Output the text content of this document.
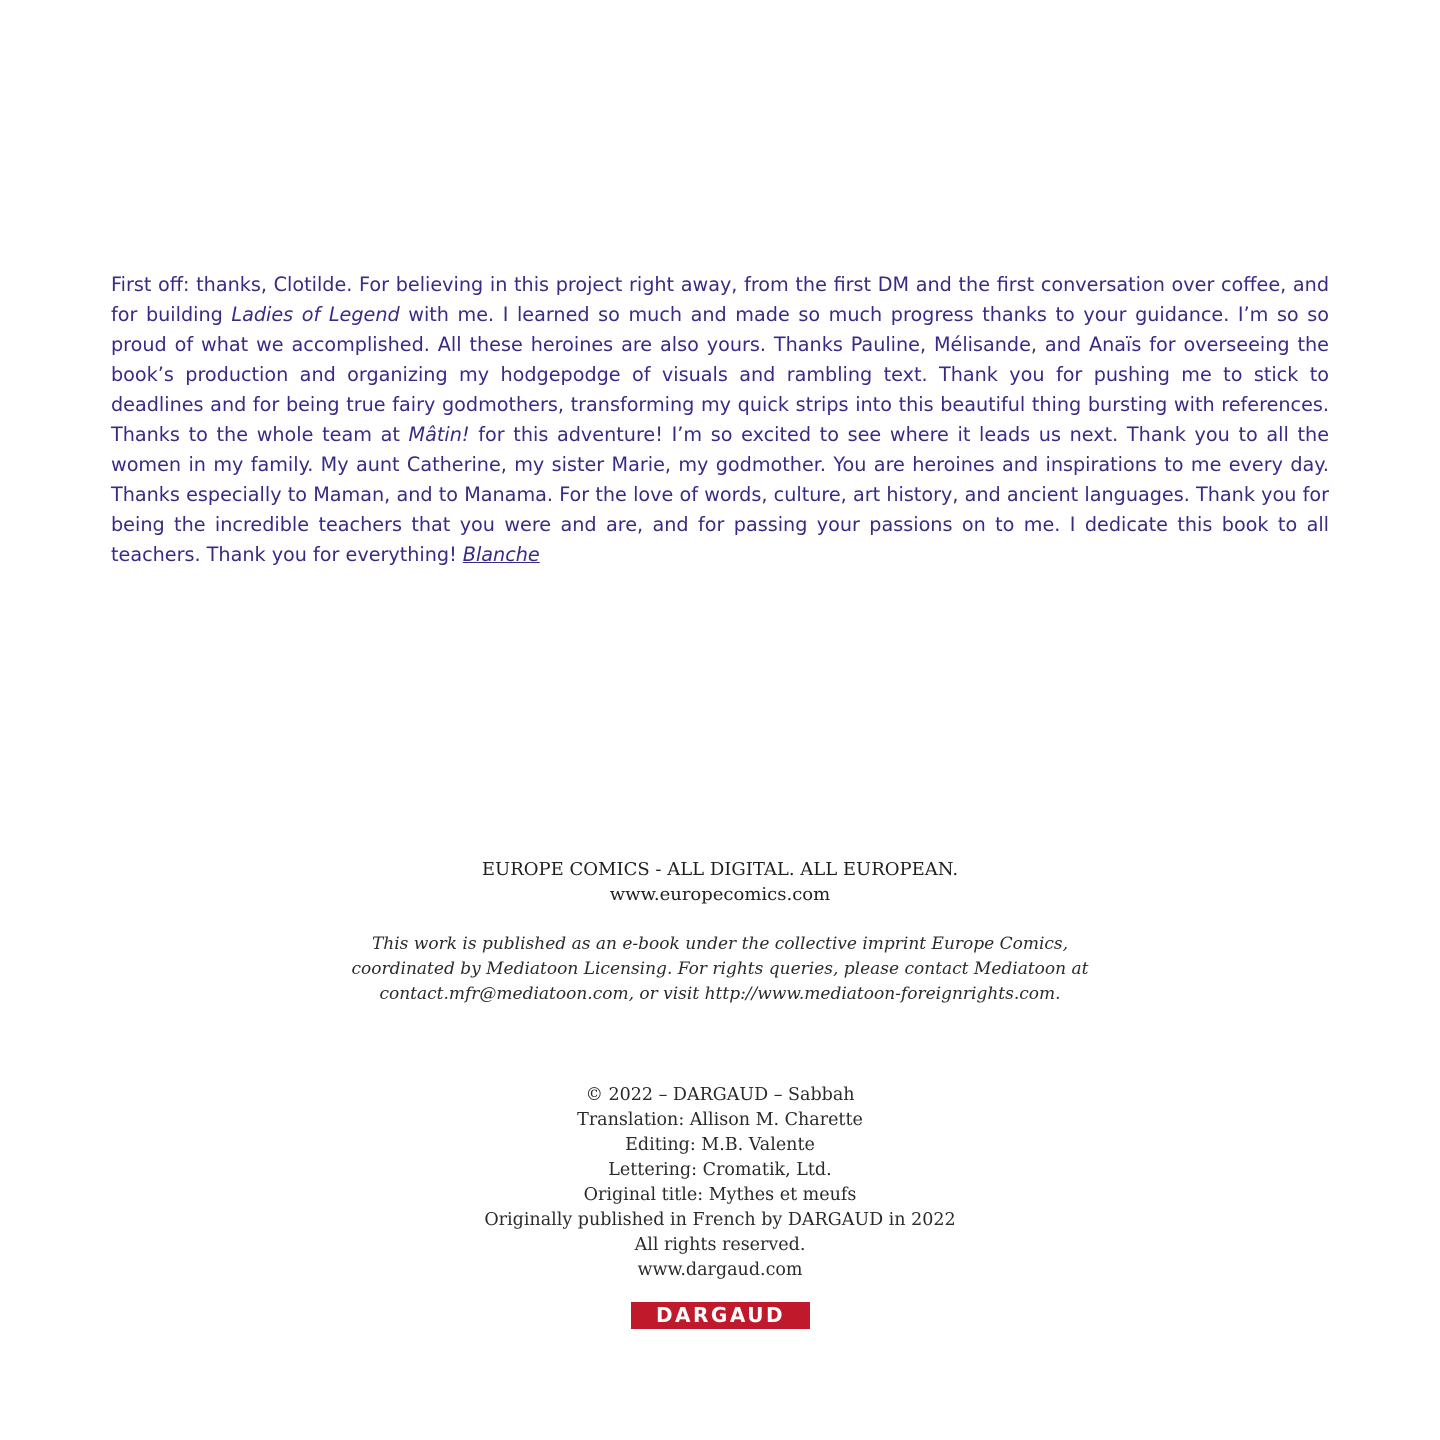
First off: thanks, Clotilde. For believing in this project right away, from the first DM and the first conversation over coffee, and for building Ladies of Legend with me. I learned so much and made so much progress thanks to your guidance. I’m so so proud of what we accomplished. All these heroines are also yours. Thanks Pauline, Mélisande, and Anaïs for overseeing the book’s production and organizing my hodgepodge of visuals and rambling text. Thank you for pushing me to stick to deadlines and for being true fairy godmothers, transforming my quick strips into this beautiful thing bursting with references. Thanks to the whole team at Mâtin! for this adventure! I’m so excited to see where it leads us next. Thank you to all the women in my family. My aunt Catherine, my sister Marie, my godmother. You are heroines and inspirations to me every day. Thanks especially to Maman, and to Manama. For the love of words, culture, art history, and ancient languages. Thank you for being the incredible teachers that you were and are, and for passing your passions on to me. I dedicate this book to all teachers. Thank you for everything! Blanche

EUROPE COMICS - ALL DIGITAL. ALL EUROPEAN.
www.europecomics.com
This work is published as an e-book under the collective imprint Europe Comics,
coordinated by Mediatoon Licensing. For rights queries, please contact Mediatoon at
contact.mfr@mediatoon.com, or visit http://www.mediatoon-foreignrights.com.
© 2022 – DARGAUD – Sabbah
Translation: Allison M. Charette
Editing: M.B. Valente
Lettering: Cromatik, Ltd.
Original title: Mythes et meufs
Originally published in French by DARGAUD in 2022
All rights reserved.
www.dargaud.com
DARGAUD
